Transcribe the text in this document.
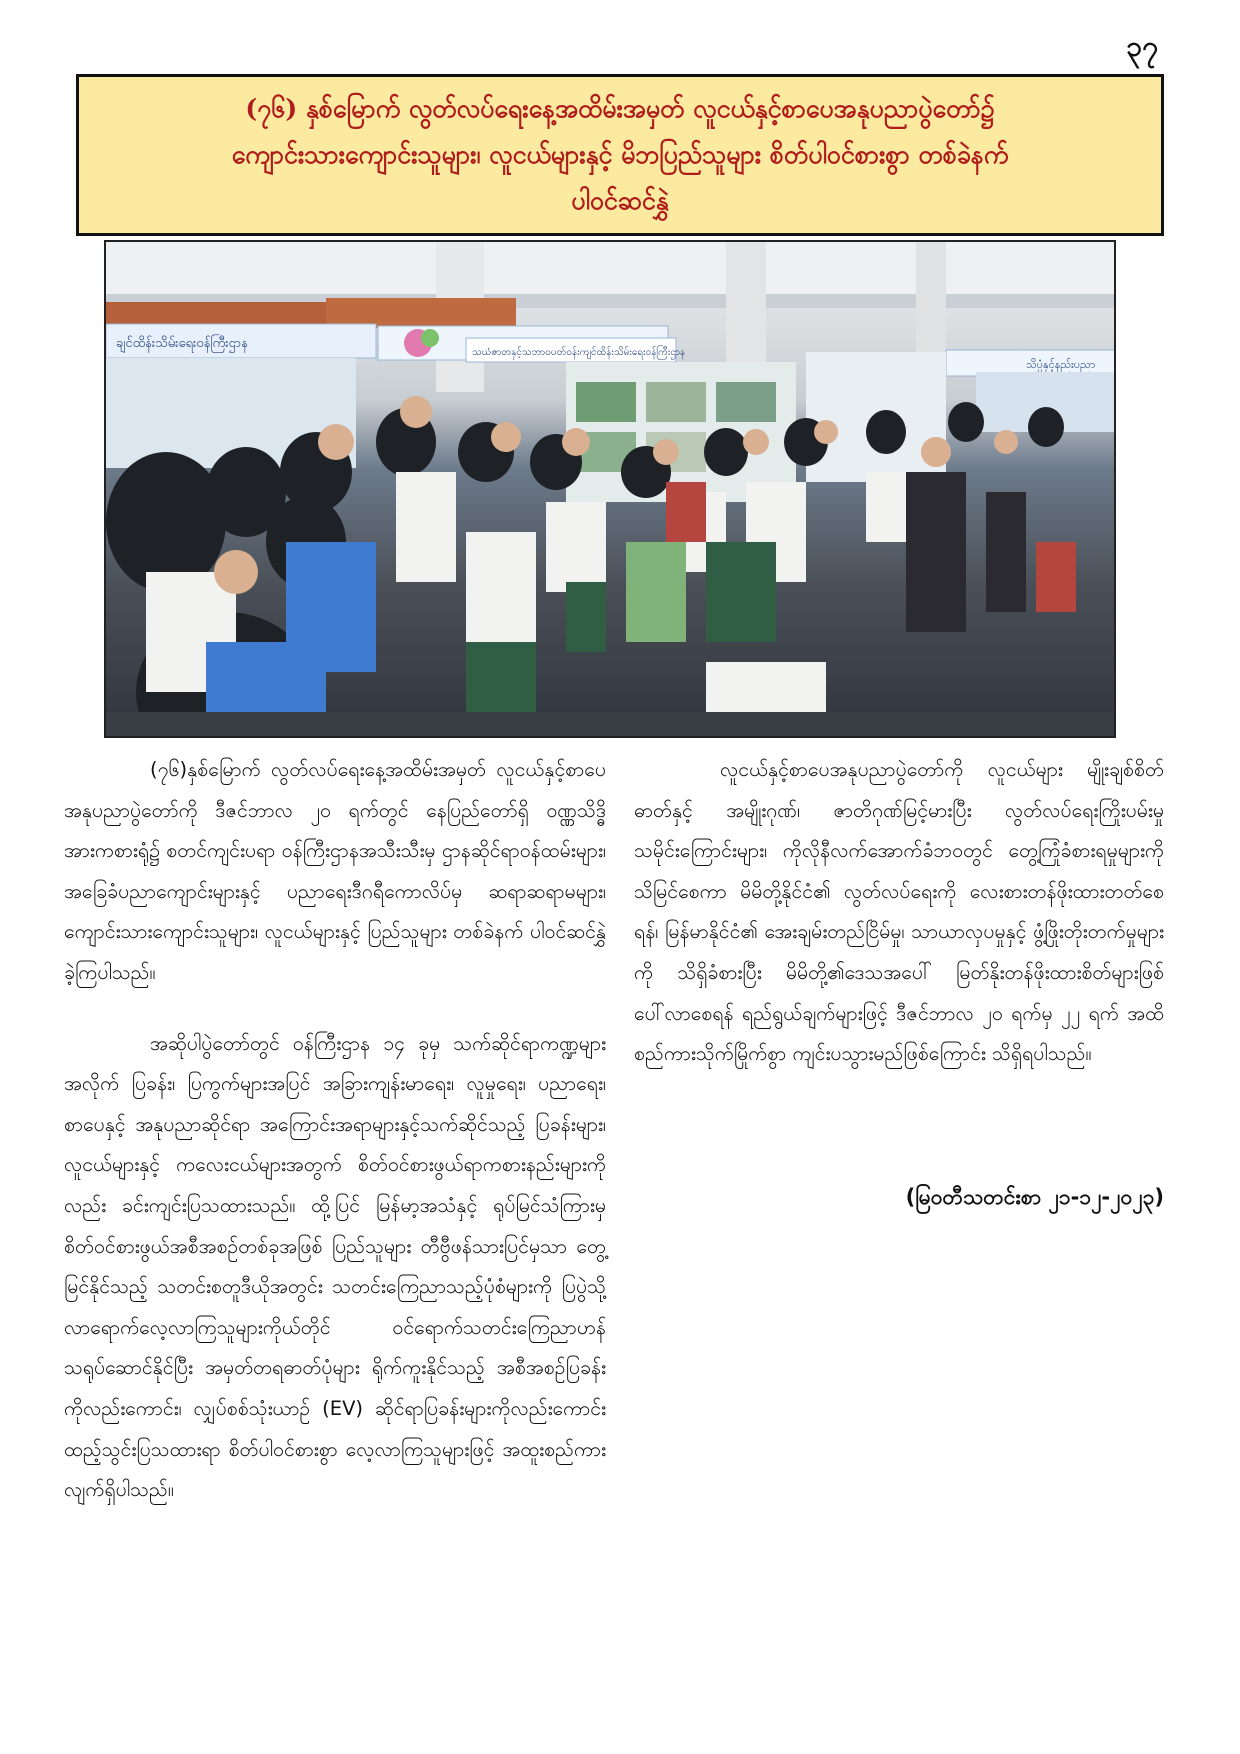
၃၇
(၇၆) နှစ်မြောက် လွတ်လပ်ရေးနေ့အထိမ်းအမှတ် လူငယ်နှင့်စာပေအနုပညာပွဲတော်၌
ကျောင်းသားကျောင်းသူများ၊ လူငယ်များနှင့် မိဘပြည်သူများ စိတ်ပါဝင်စားစွာ တစ်ခဲနက်
ပါဝင်ဆင်နွှဲ
ချင်ထိန်းသိမ်းရေးဝန်ကြီးဌာန
သယံဇာတနှင့်သဘာဝပတ်ဝန်းကျင်ထိန်းသိမ်းရေးဝန်ကြီးဌာန
သိပ္ပံနှင့်နည်းပညာ

(၇၆)နှစ်မြောက် လွတ်လပ်ရေးနေ့အထိမ်းအမှတ် လူငယ်နှင့်စာပေအနုပညာပွဲတော်ကို ဒီဇင်ဘာလ ၂၀ ရက်တွင် နေပြည်တော်ရှိ ဝဏ္ဏသိဒ္ဓိအားကစားရုံ၌ စတင်ကျင်းပရာ ဝန်ကြီးဌာနအသီးသီးမှ ဌာနဆိုင်ရာဝန်ထမ်းများ၊ အခြေခံပညာကျောင်းများနှင့် ပညာရေးဒီဂရီကောလိပ်မှ ဆရာဆရာမများ၊ ကျောင်းသားကျောင်းသူများ၊ လူငယ်များနှင့် ပြည်သူများ တစ်ခဲနက် ပါဝင်ဆင်နွှဲခဲ့ကြပါသည်။

အဆိုပါပွဲတော်တွင် ဝန်ကြီးဌာန ၁၄ ခုမှ သက်ဆိုင်ရာကဏ္ဍများအလိုက် ပြခန်း၊ ပြကွက်များအပြင် အခြားကျန်းမာရေး၊ လူမှုရေး၊ ပညာရေး၊ စာပေနှင့် အနုပညာဆိုင်ရာ အကြောင်းအရာများနှင့်သက်ဆိုင်သည့် ပြခန်းများ၊ လူငယ်များနှင့် ကလေးငယ်များအတွက် စိတ်ဝင်စားဖွယ်ရာကစားနည်းများကိုလည်း ခင်းကျင်းပြသထားသည်။ ထို့ပြင် မြန်မာ့အသံနှင့် ရုပ်မြင်သံကြားမှ စိတ်ဝင်စားဖွယ်အစီအစဉ်တစ်ခုအဖြစ် ပြည်သူများ တီဗွီဖန်သားပြင်မှသာ တွေ့မြင်နိုင်သည့် သတင်းစတူဒီယိုအတွင်း သတင်းကြေညာသည့်ပုံစံများကို ပြပွဲသို့လာရောက်လေ့လာကြသူများကိုယ်တိုင် ဝင်ရောက်သတင်းကြေညာဟန် သရုပ်ဆောင်နိုင်ပြီး အမှတ်တရဓာတ်ပုံများ ရိုက်ကူးနိုင်သည့် အစီအစဉ်ပြခန်းကိုလည်းကောင်း၊ လျှပ်စစ်သုံးယာဉ် (EV) ဆိုင်ရာပြခန်းများကိုလည်းကောင်း ထည့်သွင်းပြသထားရာ စိတ်ပါဝင်စားစွာ လေ့လာကြသူများဖြင့် အထူးစည်ကားလျက်ရှိပါသည်။

လူငယ်နှင့်စာပေအနုပညာပွဲတော်ကို လူငယ်များ မျိုးချစ်စိတ်ဓာတ်နှင့် အမျိုးဂုဏ်၊ ဇာတိဂုဏ်မြင့်မားပြီး လွတ်လပ်ရေးကြိုးပမ်းမှု သမိုင်းကြောင်းများ၊ ကိုလိုနီလက်အောက်ခံဘဝတွင် တွေ့ကြုံခံစားရမှုများကို သိမြင်စေကာ မိမိတို့နိုင်ငံ၏ လွတ်လပ်ရေးကို လေးစားတန်ဖိုးထားတတ်စေရန်၊ မြန်မာနိုင်ငံ၏ အေးချမ်းတည်ငြိမ်မှု၊ သာယာလှပမှုနှင့် ဖွံ့ဖြိုးတိုးတက်မှုများကို သိရှိခံစားပြီး မိမိတို့၏ဒေသအပေါ် မြတ်နိုးတန်ဖိုးထားစိတ်များဖြစ်ပေါ်လာစေရန် ရည်ရွယ်ချက်များဖြင့် ဒီဇင်ဘာလ ၂၀ ရက်မှ ၂၂ ရက် အထိ စည်ကားသိုက်မြိုက်စွာ ကျင်းပသွားမည်ဖြစ်ကြောင်း သိရှိရပါသည်။

(မြဝတီသတင်းစာ ၂၁-၁၂-၂၀၂၃)
